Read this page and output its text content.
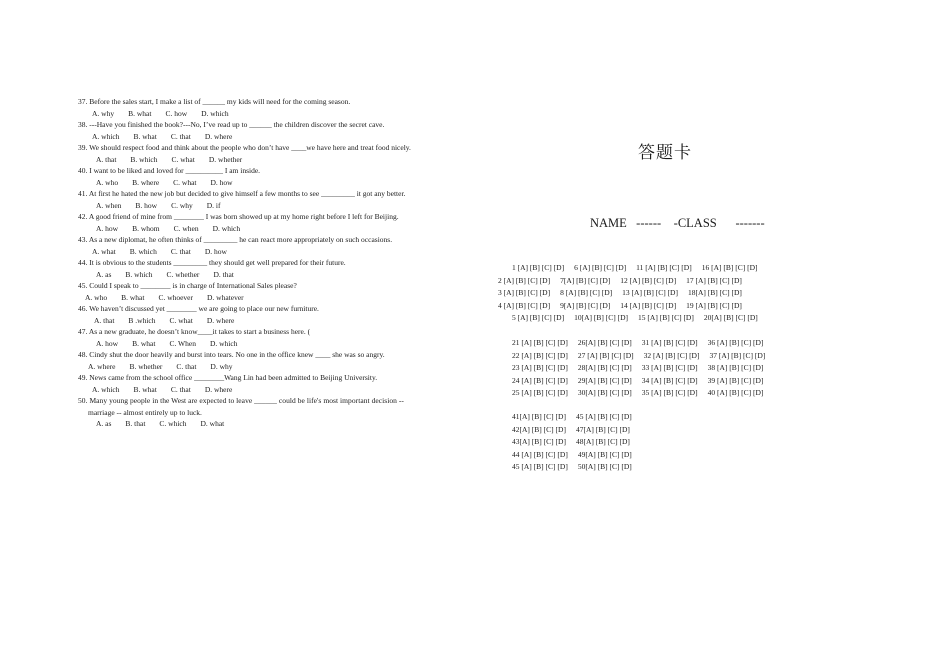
37. Before the sales start, I make a list of ______ my kids will need for the coming season.
A. why B. what C. how D. which
38. ---Have you finished the book?---No, I’ve read up to ______ the children discover the secret cave.
A. which B. what C. that D. where
39. We should respect food and think about the people who don’t have ____we have here and treat food nicely.
A. that B. which C. what D. whether
40. I want to be liked and loved for __________ I am inside.
A. who B. where C. what D. how
41. At first he hated the new job but decided to give himself a few months to see _________ it got any better.
A. when B. how C. why D. if
42. A good friend of mine from ________ I was born showed up at my home right before I left for Beijing.
A. how B. whom C. when D. which
43. As a new diplomat, he often thinks of _________ he can react more appropriately on such occasions.
A. what B. which C. that D. how
44. It is obvious to the students _________ they should get well prepared for their future.
A. as B. which C. whether D. that
45. Could I speak to ________ is in charge of International Sales please?
A. who B. what C. whoever D. whatever
46. We haven’t discussed yet ________ we are going to place our new furniture.
A. that B .which C. what D. where
47. As a new graduate, he doesn’t know____it takes to start a business here. (
A. how B. what C. When D. which
48. Cindy shut the door heavily and burst into tears. No one in the office knew ____ she was so angry.
A. where B. whether C. that D. why
49. News came from the school office ________Wang Lin had been admitted to Beijing University.
A. which B. what C. that D. where
50. Many young people in the West are expected to leave ______ could be life's most important decision --
marriage -- almost entirely up to luck.
A. as B. that C. which D. what
答题卡
NAME   ------    -CLASS      -------
1 [A] [B] [C] [D] 6 [A] [B] [C] [D] 11 [A] [B] [C] [D] 16 [A] [B] [C] [D]
2 [A] [B] [C] [D] 7[A] [B] [C] [D] 12 [A] [B] [C] [D] 17 [A] [B] [C] [D]
3 [A] [B] [C] [D] 8 [A] [B] [C] [D] 13 [A] [B] [C] [D] 18[A] [B] [C] [D]
4 [A] [B] [C] [D] 9[A] [B] [C] [D] 14 [A] [B] [C] [D] 19 [A] [B] [C] [D]
5 [A] [B] [C] [D] 10[A] [B] [C] [D] 15 [A] [B] [C] [D] 20[A] [B] [C] [D]
21 [A] [B] [C] [D] 26[A] [B] [C] [D] 31 [A] [B] [C] [D] 36 [A] [B] [C] [D]
22 [A] [B] [C] [D] 27 [A] [B] [C] [D] 32 [A] [B] [C] [D] 37 [A] [B] [C] [D]
23 [A] [B] [C] [D] 28[A] [B] [C] [D] 33 [A] [B] [C] [D] 38 [A] [B] [C] [D]
24 [A] [B] [C] [D] 29[A] [B] [C] [D] 34 [A] [B] [C] [D] 39 [A] [B] [C] [D]
25 [A] [B] [C] [D] 30[A] [B] [C] [D] 35 [A] [B] [C] [D] 40 [A] [B] [C] [D]
41[A] [B] [C] [D] 45 [A] [B] [C] [D]
42[A] [B] [C] [D] 47[A] [B] [C] [D]
43[A] [B] [C] [D] 48[A] [B] [C] [D]
44 [A] [B] [C] [D] 49[A] [B] [C] [D]
45 [A] [B] [C] [D] 50[A] [B] [C] [D]
